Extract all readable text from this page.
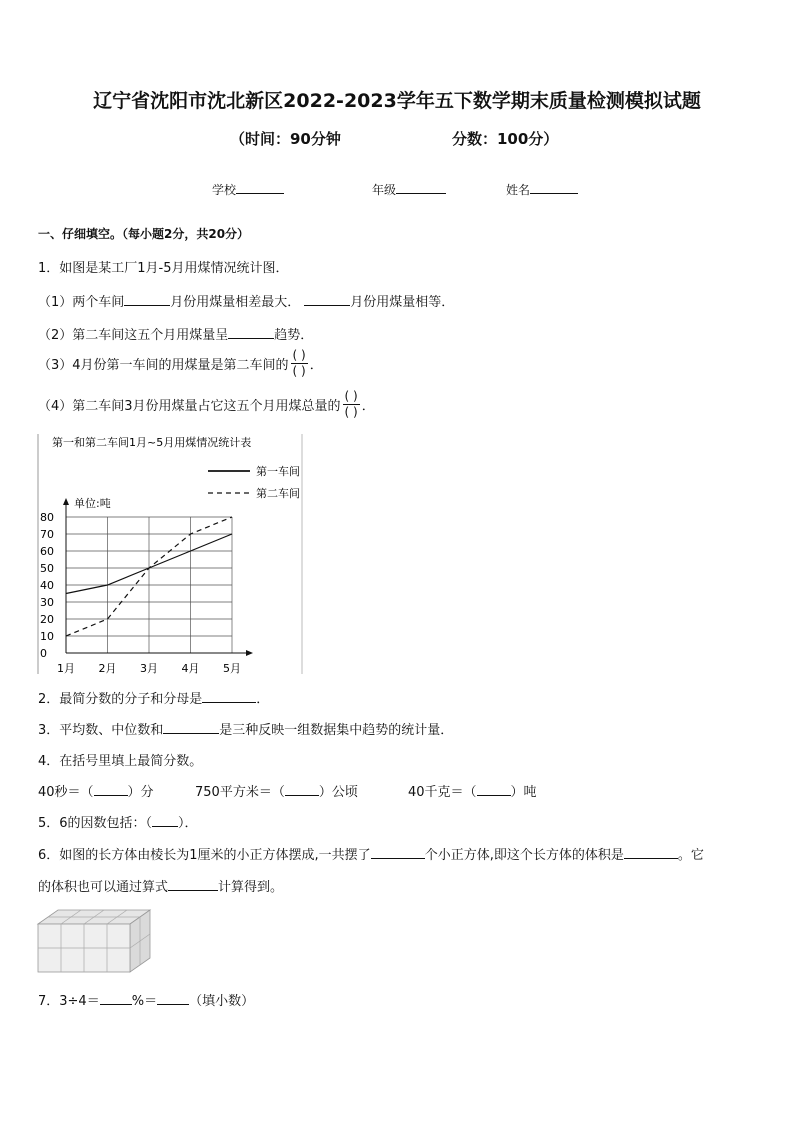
辽宁省沈阳市沈北新区2022-2023学年五下数学期末质量检测模拟试题
（时间：90分钟	分数：100分）
学校	年级	姓名
一、仔细填空。（每小题2分，共20分）
1．如图是某工厂1月-5月用煤情况统计图．
（1）两个车间	月份用煤量相差最大．	月份用煤量相等．
（2）第二车间这五个月用煤量呈	趋势．
（3）4月份第一车间的用煤量是第二车间的 $\frac{( )}{( )}$ ．
（4）第二车间3月份用煤量占它这五个月用煤总量的 $\frac{( )}{( )}$ ．
第一和第二车间1月~5月用煤情况统计表
第一车间
第二车间
单位:吨
80
70
60
50
40
30
20
10
0
1月 2月 3月 4月 5月
2．最简分数的分子和分母是	．
3．平均数、中位数和	是三种反映一组数据集中趋势的统计量．
4．在括号里填上最简分数。
40秒＝（	）分	750平方米＝（	）公顷	40千克＝（	）吨
5．6的因数包括：（ ）．
6．如图的长方体由棱长为1厘米的小正方体摆成,一共摆了	个小正方体,即这个长方体的体积是	。它
的体积也可以通过算式	计算得到。
7．3÷4＝ %＝ （填小数）
